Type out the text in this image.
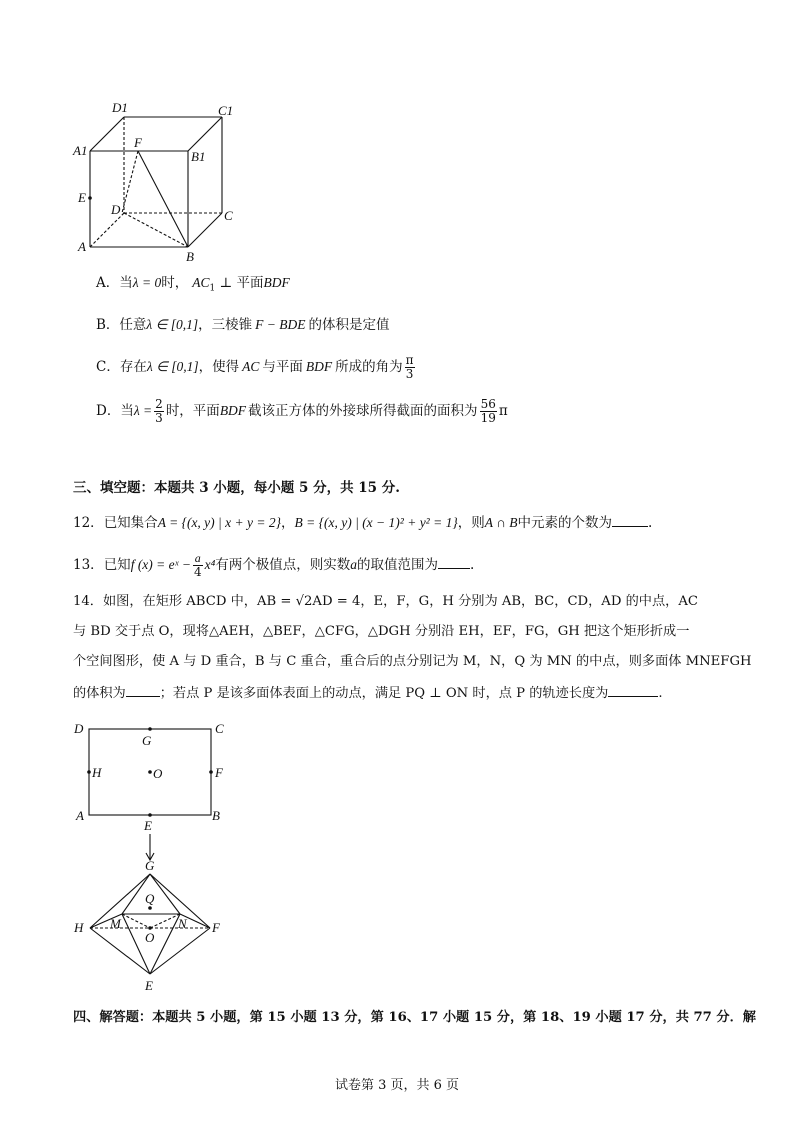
D1	C1
A1
F
B1
E
D	C
A
B
A．当λ = 0时， $AC_1$ ⊥ 平面BDF
B．任意λ ∈ [0,1]，三棱锥 F − BDE 的体积是定值
C．存在λ ∈ [0,1]，使得 AC 与平面 BDF 所成的角为 $\frac{\pi}{3}$
D．当$\lambda = \frac{2}{3}$ 时，平面BDF 截该正方体的外接球所得截面的面积为 $\frac{56}{19}$ π
三、填空题：本题共 3 小题，每小题 5 分，共 15 分.
12．已知集合A = {(x, y) | x + y = 2}，B = {(x, y) | (x − 1)² + y² = 1}，则A ∩ B中元素的个数为	.
13．已知f (x) = eˣ − $\frac{a}{4} x^4$有两个极值点，则实数a的取值范围为 .
14．如图，在矩形 ABCD 中，AB = √2AD = 4，E，F，G，H 分别为 AB，BC，CD，AD 的中点，AC
与 BD 交于点 O，现将△AEH，△BEF，△CFG，△DGH 分别沿 EH，EF，FG，GH 把这个矩形折成一
个空间图形，使 A 与 D 重合，B 与 C 重合，重合后的点分别记为 M，N，Q 为 MN 的中点，则多面体 MNEFGH
的体积为	；若点 P 是该多面体表面上的动点，满足 PQ ⊥ ON 时，点 P 的轨迹长度为	.
D	C
G
H	O	F
A	B
E
G
Q
H M	N F
O
E
四、解答题：本题共 5 小题，第 15 小题 13 分，第 16、17 小题 15 分，第 18、19 小题 17 分，共 77 分．解
试卷第 3 页，共 6 页
